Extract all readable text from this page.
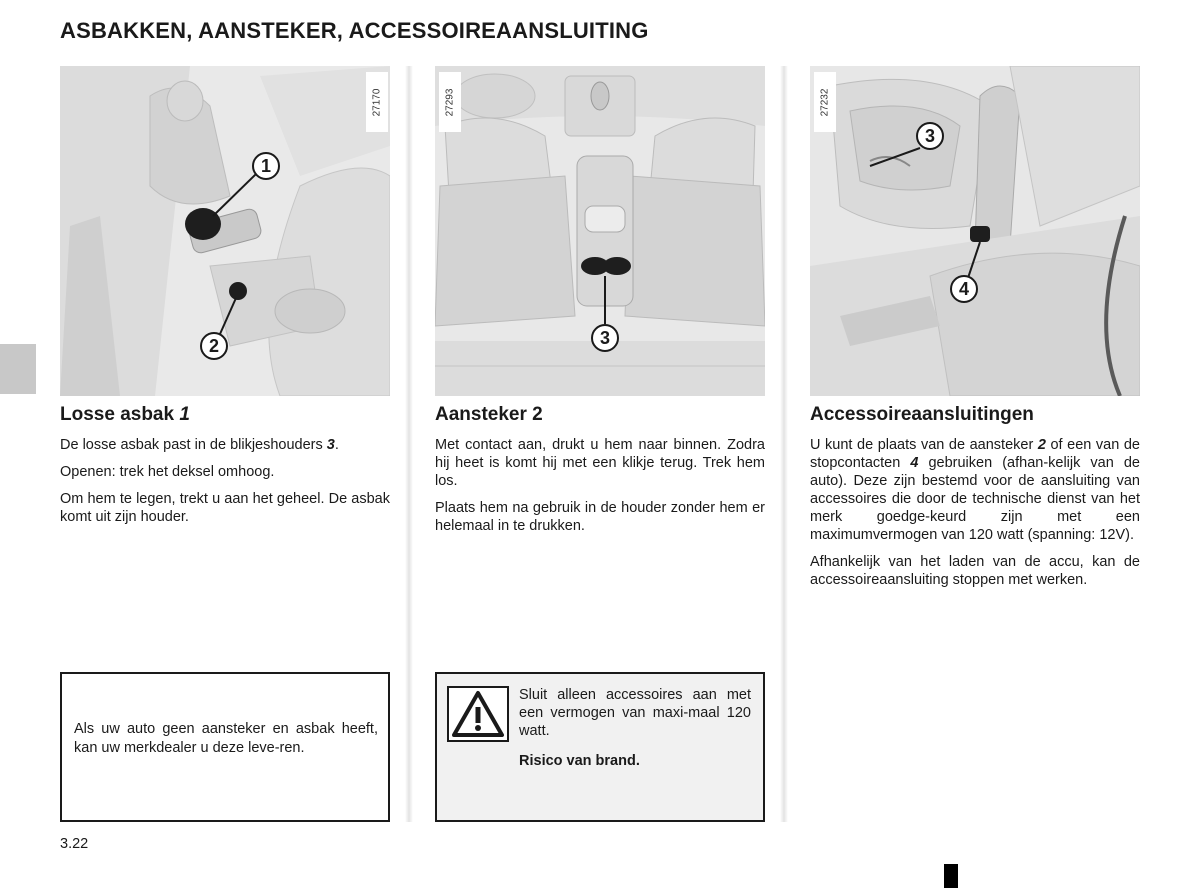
ASBAKKEN, AANSTEKER, ACCESSOIREAANSLUITING
27170
1
2
Losse asbak 1

De losse asbak past in de blikjeshouders 3.

Openen: trek het deksel omhoog.

Om hem te legen, trekt u aan het geheel. De asbak komt uit zijn houder.

Als uw auto geen aansteker en asbak heeft, kan uw merkdealer u deze leve-ren.

27293
3
Aansteker 2

Met contact aan, drukt u hem naar binnen. Zodra hij heet is komt hij met een klikje terug. Trek hem los.

Plaats hem na gebruik in de houder zonder hem er helemaal in te drukken.

Sluit alleen accessoires aan met een vermogen van maxi-maal 120 watt.

Risico van brand.

27232
3
4
Accessoireaansluitingen

U kunt de plaats van de aansteker 2 of een van de stopcontacten 4 gebruiken (afhan-kelijk van de auto). Deze zijn bestemd voor de aansluiting van accessoires die door de technische dienst van het merk goedge-keurd zijn met een maximumvermogen van 120 watt (spanning: 12V).

Afhankelijk van het laden van de accu, kan de accessoireaansluiting stoppen met werken.

3.22
